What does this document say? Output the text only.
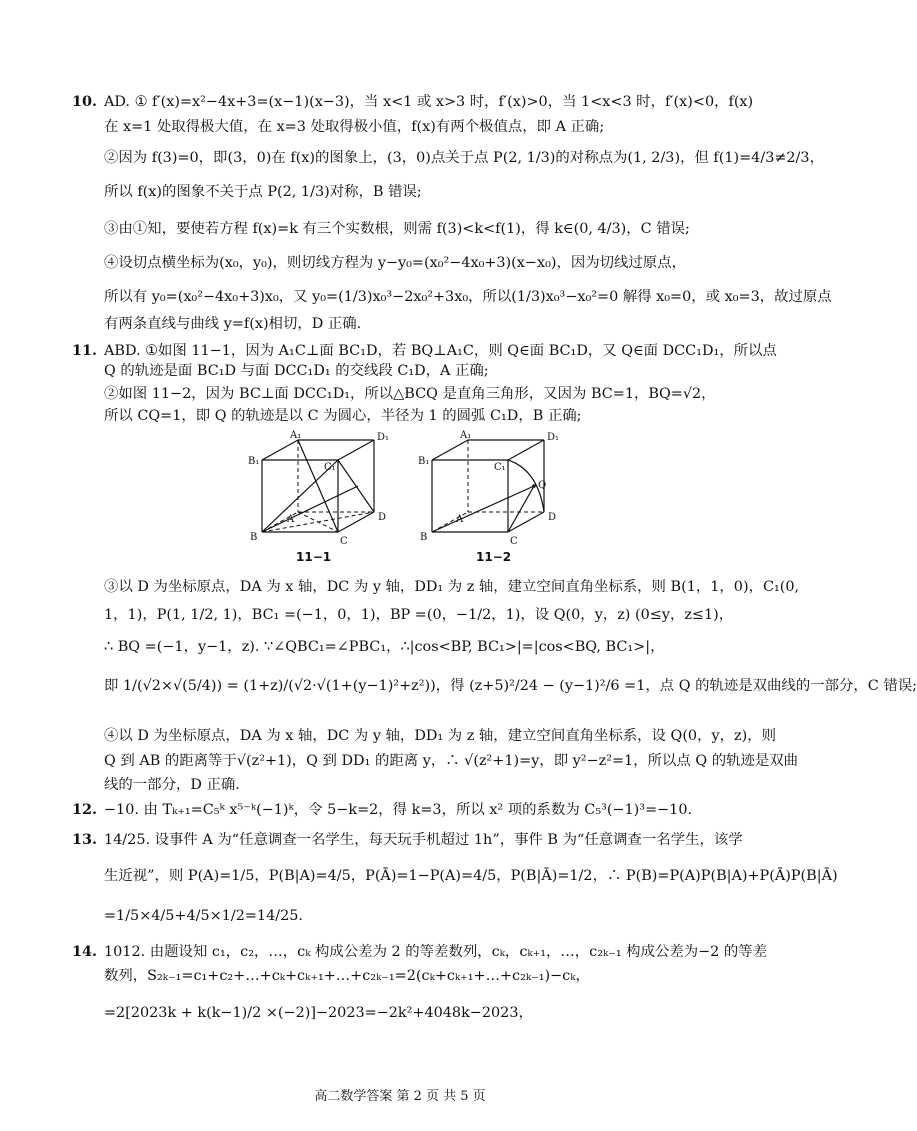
10. AD. ① f′(x)=x²−4x+3=(x−1)(x−3)，当 x<1 或 x>3 时，f′(x)>0，当 1<x<3 时，f′(x)<0，f(x)
在 x=1 处取得极大值，在 x=3 处取得极小值，f(x)有两个极值点，即 A 正确;
②因为 f(3)=0，即(3，0)在 f(x)的图象上，(3，0)点关于点 P(2, 1/3)的对称点为(1, 2/3)，但 f(1)=4/3≠2/3，
所以 f(x)的图象不关于点 P(2, 1/3)对称，B 错误;
③由①知，要使若方程 f(x)=k 有三个实数根，则需 f(3)<k<f(1)，得 k∈(0, 4/3)，C 错误;
④设切点横坐标为(x₀，y₀)，则切线方程为 y−y₀=(x₀²−4x₀+3)(x−x₀)，因为切线过原点，
所以有 y₀=(x₀²−4x₀+3)x₀，又 y₀=(1/3)x₀³−2x₀²+3x₀，所以(1/3)x₀³−x₀²=0 解得 x₀=0，或 x₀=3，故过原点
有两条直线与曲线 y=f(x)相切，D 正确.
11. ABD. ①如图 11−1，因为 A₁C⊥面 BC₁D，若 BQ⊥A₁C，则 Q∈面 BC₁D，又 Q∈面 DCC₁D₁，所以点
Q 的轨迹是面 BC₁D 与面 DCC₁D₁ 的交线段 C₁D，A 正确;
②如图 11−2，因为 BC⊥面 DCC₁D₁，所以△BCQ 是直角三角形，又因为 BC=1，BQ=√2，
所以 CQ=1，即 Q 的轨迹是以 C 为圆心，半径为 1 的圆弧 C₁D，B 正确;
A₁	D₁
B₁
C₁
A
B	C
D
11−1
A₁	D₁
B₁
C₁
Q
A
B	C
D
11−2
③以 D 为坐标原点，DA 为 x 轴，DC 为 y 轴，DD₁ 为 z 轴，建立空间直角坐标系，则 B(1，1，0)，C₁(0,
1，1)，P(1, 1/2, 1)，BC₁ =(−1，0，1)，BP =(0，−1/2，1)，设 Q(0，y，z) (0≤y，z≤1)，
∴ BQ =(−1，y−1，z). ∵∠QBC₁=∠PBC₁，∴|cos<BP, BC₁>|=|cos<BQ, BC₁>|，
即 1/(√2×√(5/4)) = (1+z)/(√2·√(1+(y−1)²+z²))，得 (z+5)²/24 − (y−1)²/6 =1，点 Q 的轨迹是双曲线的一部分，C 错误;
④以 D 为坐标原点，DA 为 x 轴，DC 为 y 轴，DD₁ 为 z 轴，建立空间直角坐标系，设 Q(0，y，z)，则
Q 到 AB 的距离等于√(z²+1)，Q 到 DD₁ 的距离 y，∴ √(z²+1)=y，即 y²−z²=1，所以点 Q 的轨迹是双曲
线的一部分，D 正确.
12. −10. 由 Tₖ₊₁=C₅ᵏ x⁵⁻ᵏ(−1)ᵏ，令 5−k=2，得 k=3，所以 x² 项的系数为 C₅³(−1)³=−10.
13. 14/25. 设事件 A 为“任意调查一名学生，每天玩手机超过 1h”，事件 B 为“任意调查一名学生，该学
生近视”，则 P(A)=1/5，P(B|A)=4/5，P(Ā)=1−P(A)=4/5，P(B|Ā)=1/2，∴ P(B)=P(A)P(B|A)+P(Ā)P(B|Ā)
=1/5×4/5+4/5×1/2=14/25.
14. 1012. 由题设知 c₁，c₂，…，cₖ 构成公差为 2 的等差数列，cₖ，cₖ₊₁，…，c₂ₖ₋₁ 构成公差为−2 的等差
数列，S₂ₖ₋₁=c₁+c₂+…+cₖ+cₖ₊₁+…+c₂ₖ₋₁=2(cₖ+cₖ₊₁+…+c₂ₖ₋₁)−cₖ，
=2[2023k + k(k−1)/2 ×(−2)]−2023=−2k²+4048k−2023，
高二数学答案 第 2 页 共 5 页
